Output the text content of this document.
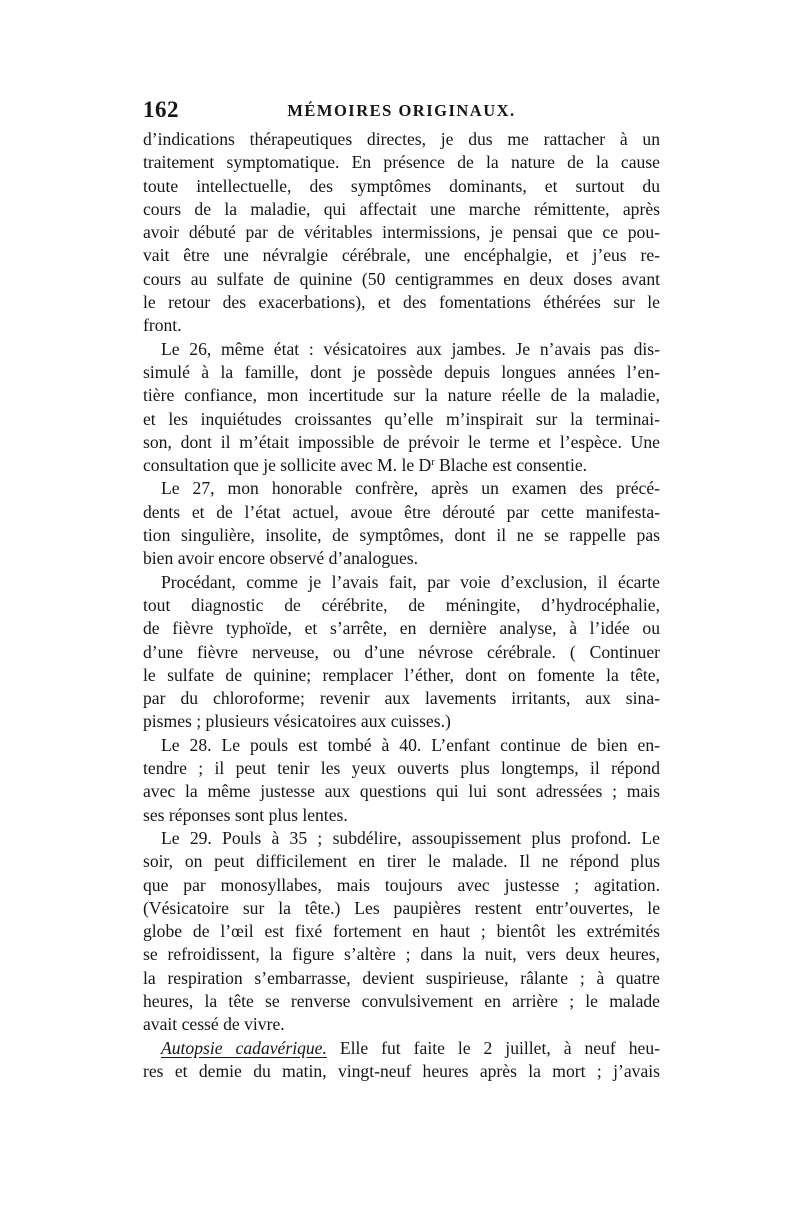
162	MÉMOIRES ORIGINAUX.
d’indications thérapeutiques directes, je dus me rattacher à un
traitement symptomatique. En présence de la nature de la cause
toute intellectuelle, des symptômes dominants, et surtout du
cours de la maladie, qui affectait une marche rémittente, après
avoir débuté par de véritables intermissions, je pensai que ce pou-
vait être une névralgie cérébrale, une encéphalgie, et j’eus re-
cours au sulfate de quinine (50 centigrammes en deux doses avant
le retour des exacerbations), et des fomentations éthérées sur le
front.
Le 26, même état : vésicatoires aux jambes. Je n’avais pas dis-
simulé à la famille, dont je possède depuis longues années l’en-
tière confiance, mon incertitude sur la nature réelle de la maladie,
et les inquiétudes croissantes qu’elle m’inspirait sur la terminai-
son, dont il m’était impossible de prévoir le terme et l’espèce. Une
consultation que je sollicite avec M. le $D^r$ Blache est consentie.
Le 27, mon honorable confrère, après un examen des précé-
dents et de l’état actuel, avoue être dérouté par cette manifesta-
tion singulière, insolite, de symptômes, dont il ne se rappelle pas
bien avoir encore observé d’analogues.
Procédant, comme je l’avais fait, par voie d’exclusion, il écarte
tout diagnostic de cérébrite, de méningite, d’hydrocéphalie,
de fièvre typhoïde, et s’arrête, en dernière analyse, à l’idée ou
d’une fièvre nerveuse, ou d’une névrose cérébrale. ( Continuer
le sulfate de quinine; remplacer l’éther, dont on fomente la tête,
par du chloroforme; revenir aux lavements irritants, aux sina-
pismes ; plusieurs vésicatoires aux cuisses.)
Le 28. Le pouls est tombé à 40. L’enfant continue de bien en-
tendre ; il peut tenir les yeux ouverts plus longtemps, il répond
avec la même justesse aux questions qui lui sont adressées ; mais
ses réponses sont plus lentes.
Le 29. Pouls à 35 ; subdélire, assoupissement plus profond. Le
soir, on peut difficilement en tirer le malade. Il ne répond plus
que par monosyllabes, mais toujours avec justesse ; agitation.
(Vésicatoire sur la tête.) Les paupières restent entr’ouvertes, le
globe de l’œil est fixé fortement en haut ; bientôt les extrémités
se refroidissent, la figure s’altère ; dans la nuit, vers deux heures,
la respiration s’embarrasse, devient suspirieuse, râlante ; à quatre
heures, la tête se renverse convulsivement en arrière ; le malade
avait cessé de vivre.
Autopsie cadavérique. Elle fut faite le 2 juillet, à neuf heu-
res et demie du matin, vingt-neuf heures après la mort ; j’avais
